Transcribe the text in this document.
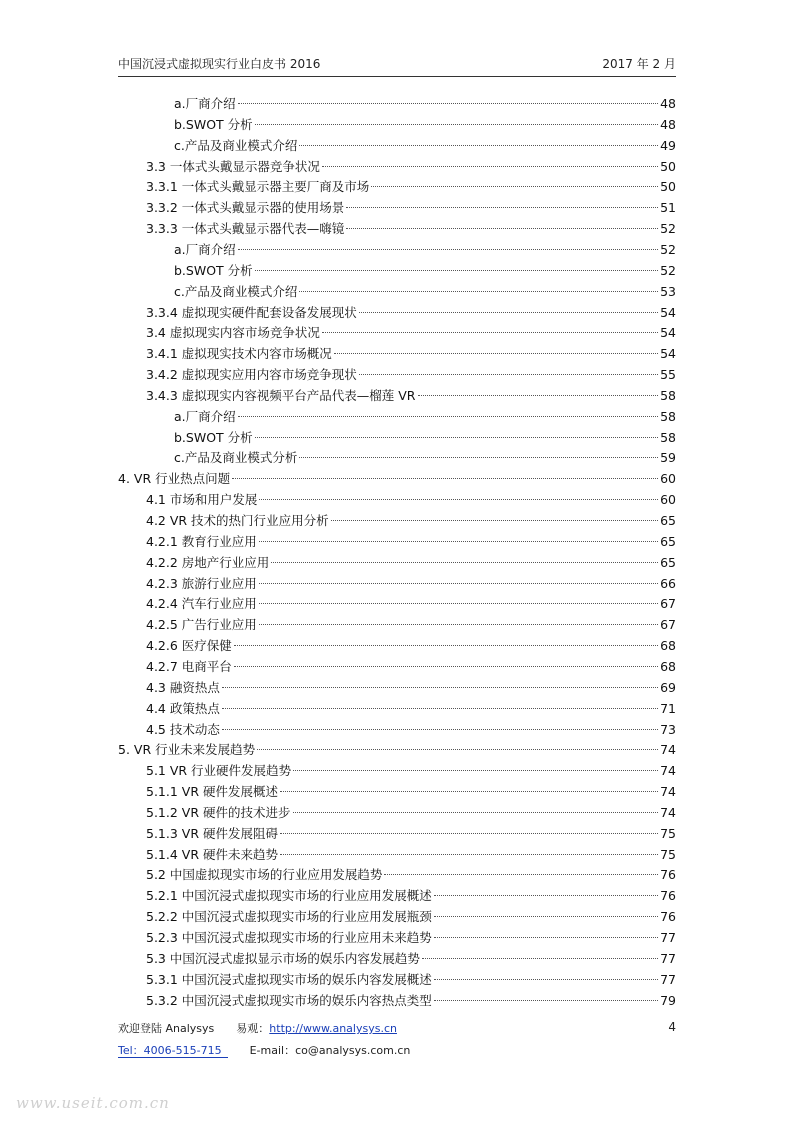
中国沉浸式虚拟现实行业白皮书 2016	2017 年 2 月
a.厂商介绍	48
b.SWOT 分析	48
c.产品及商业模式介绍	49
3.3 一体式头戴显示器竞争状况	50
3.3.1 一体式头戴显示器主要厂商及市场	50
3.3.2 一体式头戴显示器的使用场景	51
3.3.3 一体式头戴显示器代表—嗨镜	52
a.厂商介绍	52
b.SWOT 分析	52
c.产品及商业模式介绍	53
3.3.4 虚拟现实硬件配套设备发展现状	54
3.4 虚拟现实内容市场竞争状况	54
3.4.1 虚拟现实技术内容市场概况	54
3.4.2 虚拟现实应用内容市场竞争现状	55
3.4.3 虚拟现实内容视频平台产品代表—榴莲 VR	58
a.厂商介绍	58
b.SWOT 分析	58
c.产品及商业模式分析	59
4. VR 行业热点问题	60
4.1 市场和用户发展	60
4.2 VR 技术的热门行业应用分析	65
4.2.1 教育行业应用	65
4.2.2 房地产行业应用	65
4.2.3 旅游行业应用	66
4.2.4 汽车行业应用	67
4.2.5 广告行业应用	67
4.2.6 医疗保健	68
4.2.7 电商平台	68
4.3 融资热点	69
4.4 政策热点	71
4.5 技术动态	73
5. VR 行业未来发展趋势	74
5.1 VR 行业硬件发展趋势	74
5.1.1 VR 硬件发展概述	74
5.1.2 VR 硬件的技术进步	74
5.1.3 VR 硬件发展阻碍	75
5.1.4 VR 硬件未来趋势	75
5.2 中国虚拟现实市场的行业应用发展趋势	76
5.2.1 中国沉浸式虚拟现实市场的行业应用发展概述	76
5.2.2 中国沉浸式虚拟现实市场的行业应用发展瓶颈	76
5.2.3 中国沉浸式虚拟现实市场的行业应用未来趋势	77
5.3 中国沉浸式虚拟显示市场的娱乐内容发展趋势	77
5.3.1 中国沉浸式虚拟现实市场的娱乐内容发展概述	77
5.3.2 中国沉浸式虚拟现实市场的娱乐内容热点类型	79
欢迎登陆 Analysys 易观：http://www.analysys.cn
Tel：4006-515-715	E-mail：co@analysys.com.cn
4
www.useit.com.cn
